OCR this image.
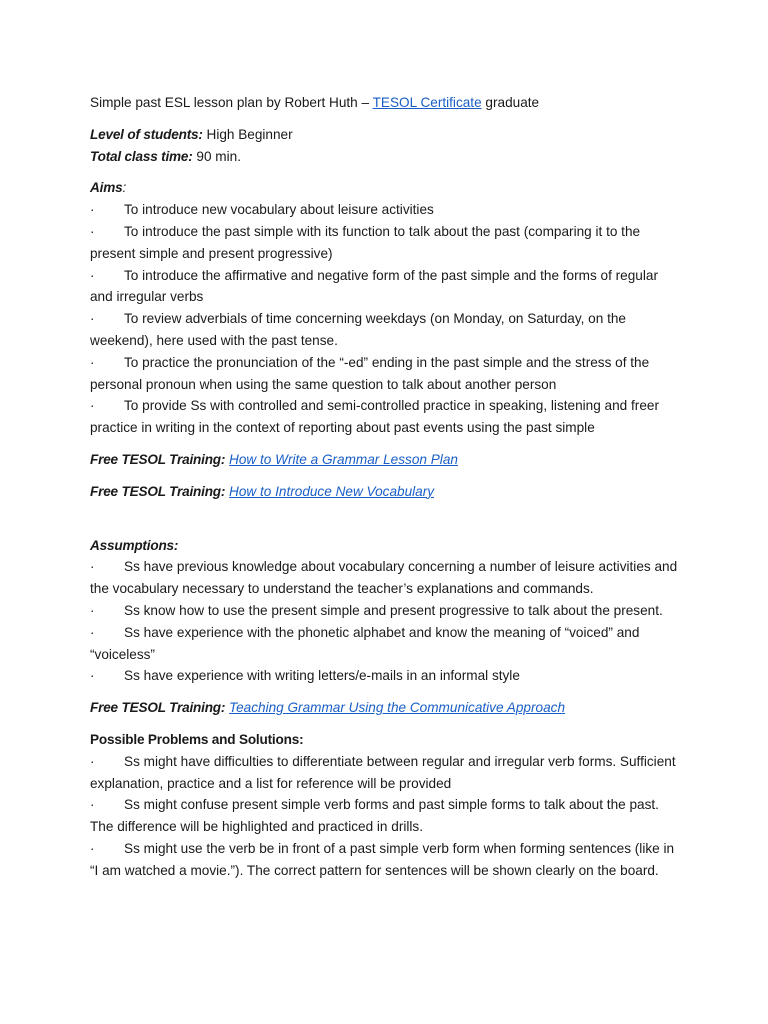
Simple past ESL lesson plan by Robert Huth – TESOL Certificate graduate

Level of students: High Beginner

Total class time: 90 min.

Aims:

· To introduce new vocabulary about leisure activities

· To introduce the past simple with its function to talk about the past (comparing it to the present simple and present progressive)

· To introduce the affirmative and negative form of the past simple and the forms of regular and irregular verbs

· To review adverbials of time concerning weekdays (on Monday, on Saturday, on the weekend), here used with the past tense.

· To practice the pronunciation of the “-ed” ending in the past simple and the stress of the personal pronoun when using the same question to talk about another person

· To provide Ss with controlled and semi-controlled practice in speaking, listening and freer practice in writing in the context of reporting about past events using the past simple

Free TESOL Training: How to Write a Grammar Lesson Plan

Free TESOL Training: How to Introduce New Vocabulary

Assumptions:

· Ss have previous knowledge about vocabulary concerning a number of leisure activities and the vocabulary necessary to understand the teacher’s explanations and commands.

· Ss know how to use the present simple and present progressive to talk about the present.

· Ss have experience with the phonetic alphabet and know the meaning of “voiced” and “voiceless”

· Ss have experience with writing letters/e-mails in an informal style

Free TESOL Training: Teaching Grammar Using the Communicative Approach

Possible Problems and Solutions:

· Ss might have difficulties to differentiate between regular and irregular verb forms. Sufficient explanation, practice and a list for reference will be provided

· Ss might confuse present simple verb forms and past simple forms to talk about the past. The difference will be highlighted and practiced in drills.

· Ss might use the verb be in front of a past simple verb form when forming sentences (like in “I am watched a movie.”). The correct pattern for sentences will be shown clearly on the board.
